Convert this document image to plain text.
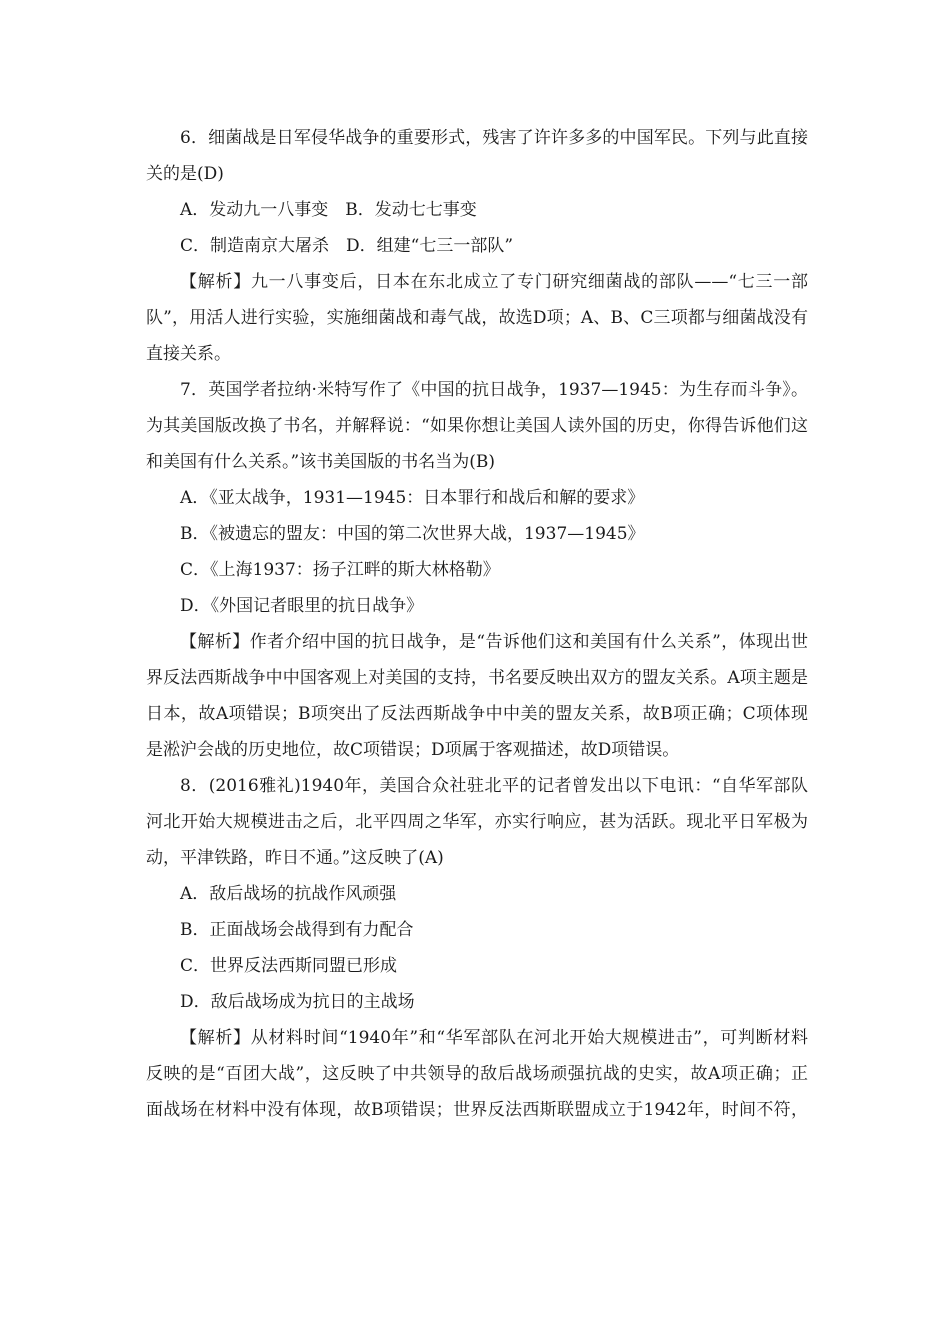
6．细菌战是日军侵华战争的重要形式，残害了许许多多的中国军民。下列与此直接
关的是(D)
A．发动九一八事变　B．发动七七事变
C．制造南京大屠杀　D．组建“七三一部队”
【解析】九一八事变后，日本在东北成立了专门研究细菌战的部队——“七三一部
队”，用活人进行实验，实施细菌战和毒气战，故选D项；A、B、C三项都与细菌战没有
直接关系。
7．英国学者拉纳·米特写作了《中国的抗日战争，1937—1945：为生存而斗争》。
为其美国版改换了书名，并解释说：“如果你想让美国人读外国的历史，你得告诉他们这
和美国有什么关系。”该书美国版的书名当为(B)
A．《亚太战争，1931—1945：日本罪行和战后和解的要求》
B．《被遗忘的盟友：中国的第二次世界大战，1937—1945》
C．《上海1937：扬子江畔的斯大林格勒》
D．《外国记者眼里的抗日战争》
【解析】作者介绍中国的抗日战争，是“告诉他们这和美国有什么关系”，体现出世
界反法西斯战争中中国客观上对美国的支持，书名要反映出双方的盟友关系。A项主题是
日本，故A项错误；B项突出了反法西斯战争中中美的盟友关系，故B项正确；C项体现
是淞沪会战的历史地位，故C项错误；D项属于客观描述，故D项错误。
8．(2016雅礼)1940年，美国合众社驻北平的记者曾发出以下电讯：“自华军部队
河北开始大规模进击之后，北平四周之华军，亦实行响应，甚为活跃。现北平日军极为
动，平津铁路，昨日不通。”这反映了(A)
A．敌后战场的抗战作风顽强
B．正面战场会战得到有力配合
C．世界反法西斯同盟已形成
D．敌后战场成为抗日的主战场
【解析】从材料时间“1940年”和“华军部队在河北开始大规模进击”，可判断材料
反映的是“百团大战”，这反映了中共领导的敌后战场顽强抗战的史实，故A项正确；正
面战场在材料中没有体现，故B项错误；世界反法西斯联盟成立于1942年，时间不符，
